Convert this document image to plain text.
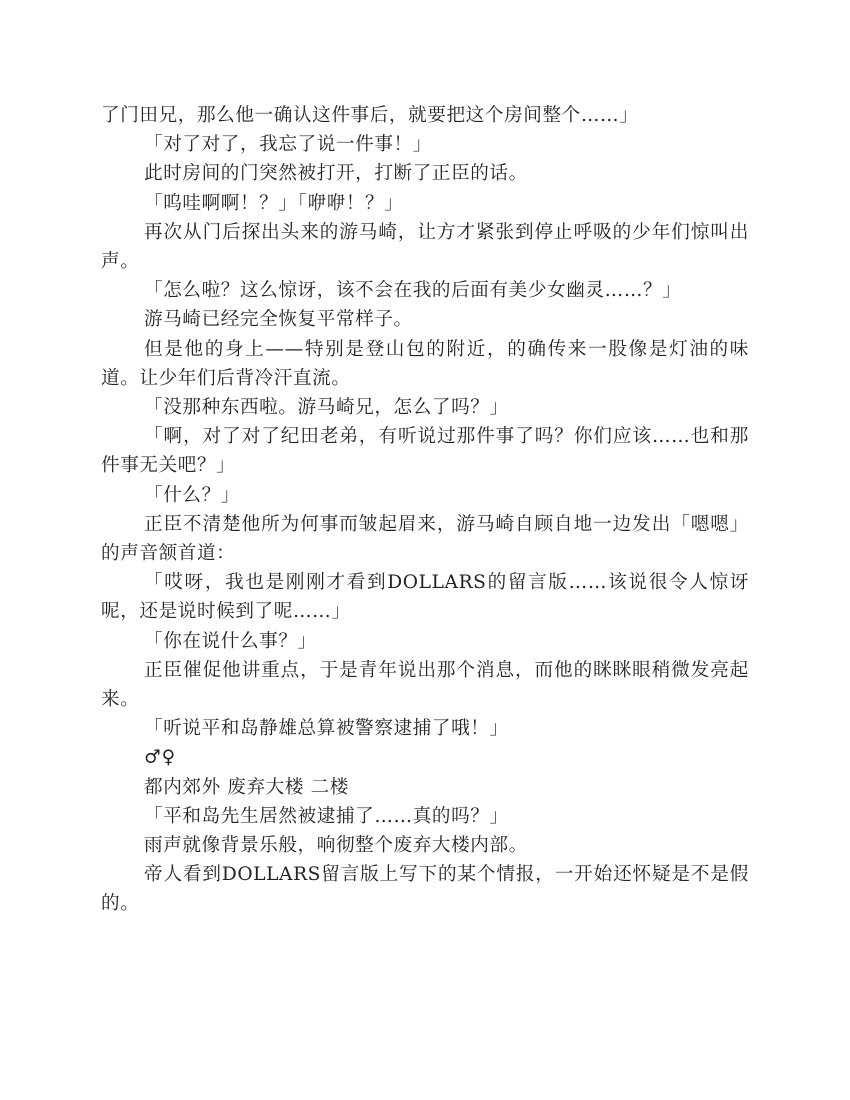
了门田兄，那么他一确认这件事后，就要把这个房间整个……」

「对了对了，我忘了说一件事！」

此时房间的门突然被打开，打断了正臣的话。

「呜哇啊啊！？」「咿咿！？」

再次从门后探出头来的游马崎，让方才紧张到停止呼吸的少年们惊叫出声。

「怎么啦？这么惊讶，该不会在我的后面有美少女幽灵……？」

游马崎已经完全恢复平常样子。

但是他的身上——特别是登山包的附近，的确传来一股像是灯油的味道。让少年们后背冷汗直流。

「没那种东西啦。游马崎兄，怎么了吗？」

「啊，对了对了纪田老弟，有听说过那件事了吗？你们应该……也和那件事无关吧？」

「什么？」

正臣不清楚他所为何事而皱起眉来，游马崎自顾自地一边发出「嗯嗯」的声音颔首道：

「哎呀，我也是刚刚才看到DOLLARS的留言版……该说很令人惊讶呢，还是说时候到了呢……」

「你在说什么事？」

正臣催促他讲重点，于是青年说出那个消息，而他的眯眯眼稍微发亮起来。

「听说平和岛静雄总算被警察逮捕了哦！」

♂♀

都内郊外 废弃大楼 二楼

「平和岛先生居然被逮捕了……真的吗？」

雨声就像背景乐般，响彻整个废弃大楼内部。

帝人看到DOLLARS留言版上写下的某个情报，一开始还怀疑是不是假的。
